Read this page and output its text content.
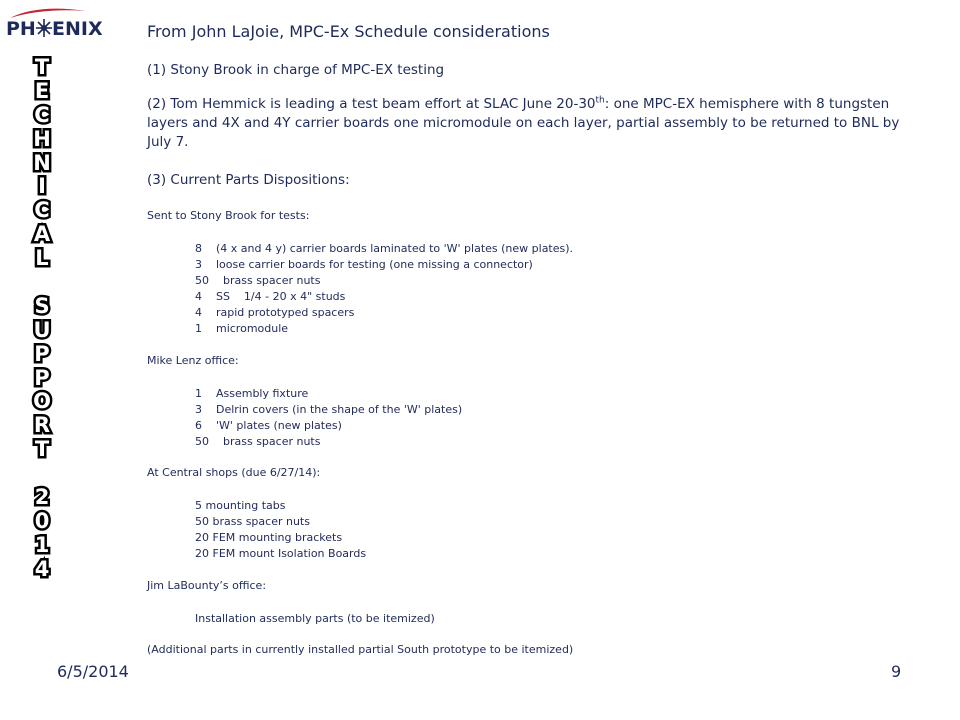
PH ENIX
T
E
C
H
N
I
C
A
L
S
U
P
P
O
R
T
2
0
1
4
From John LaJoie, MPC-Ex Schedule considerations
(1) Stony Brook in charge of MPC-EX testing
(2) Tom Hemmick is leading a test beam effort at SLAC June 20-30th: one MPC-EX hemisphere with 8 tungsten layers and 4X and 4Y carrier boards one micromodule on each layer, partial assembly to be returned to BNL by July 7.
(3) Current Parts Dispositions:
Sent to Stony Brook for tests:
8    (4 x and 4 y) carrier boards laminated to 'W' plates (new plates).
3    loose carrier boards for testing (one missing a connector)
50    brass spacer nuts
4    SS    1/4 - 20 x 4" studs
4    rapid prototyped spacers
1    micromodule
Mike Lenz office:
1    Assembly fixture
3    Delrin covers (in the shape of the 'W' plates)
6    'W' plates (new plates)
50    brass spacer nuts
At Central shops (due 6/27/14):
5 mounting tabs
50 brass spacer nuts
20 FEM mounting brackets
20 FEM mount Isolation Boards
Jim LaBounty’s office:
Installation assembly parts (to be itemized)
(Additional parts in currently installed partial South prototype to be itemized)
6/5/2014	9
